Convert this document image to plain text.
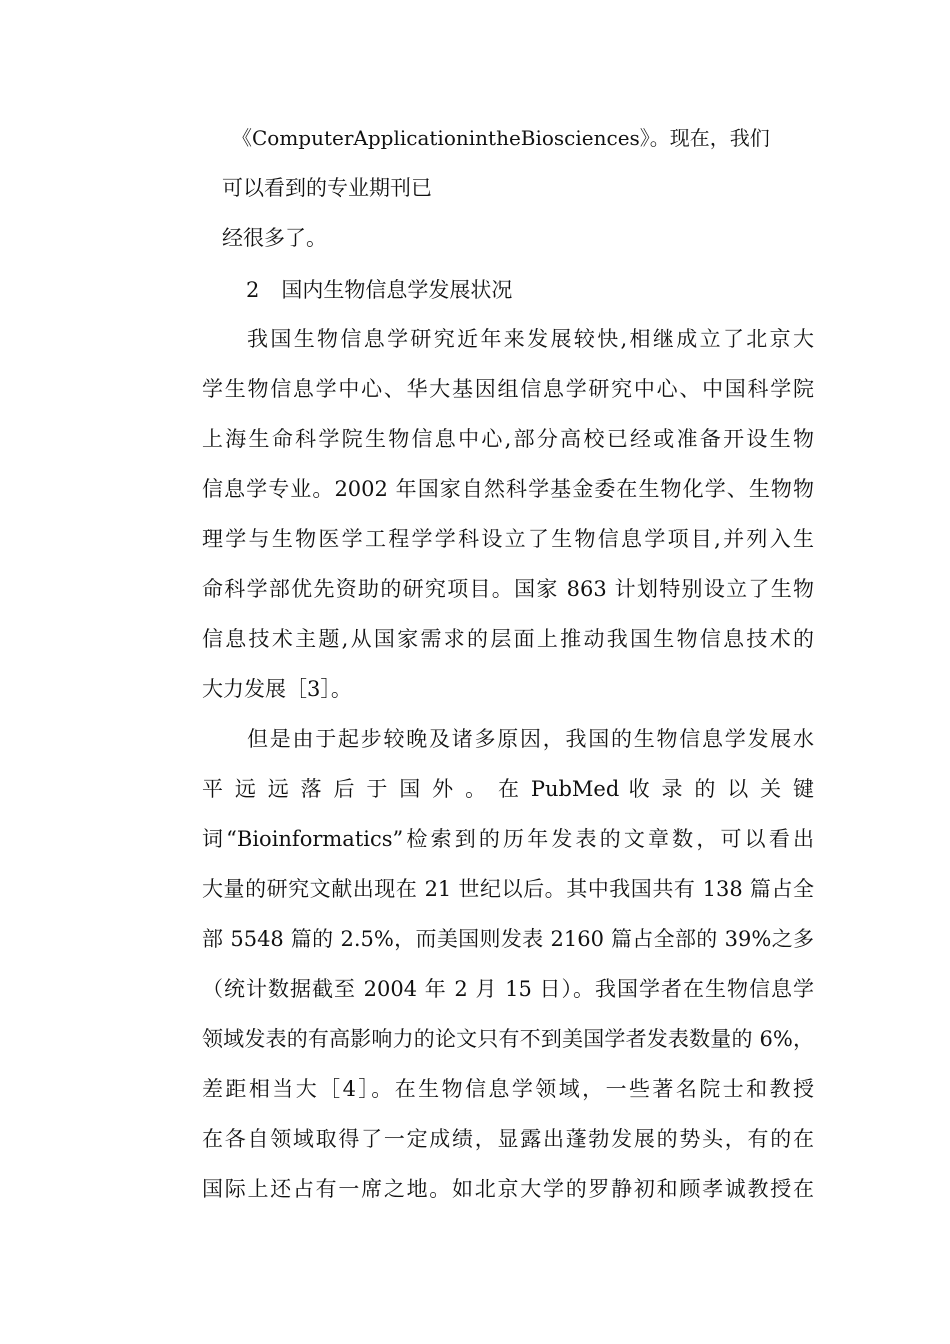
《ComputerApplicationintheBiosciences》。现在，我们
可以看到的专业期刊已
经很多了。
2 国内生物信息学发展状况
我国生物信息学研究近年来发展较快,相继成立了北京大
学生物信息学中心、华大基因组信息学研究中心、中国科学院
上海生命科学院生物信息中心,部分高校已经或准备开设生物
信息学专业。2002 年国家自然科学基金委在生物化学、生物物
理学与生物医学工程学学科设立了生物信息学项目,并列入生
命科学部优先资助的研究项目。国家 863 计划特别设立了生物
信息技术主题,从国家需求的层面上推动我国生物信息技术的
大力发展［3］。
但是由于起步较晚及诸多原因，我国的生物信息学发展水
平 远 远 落 后 于 国 外 。 在 PubMed 收 录 的 以 关 键
词“Bioinformatics”检索到的历年发表的文章数，可以看出
大量的研究文献出现在 21 世纪以后。其中我国共有 138 篇占全
部 5548 篇的 2.5%，而美国则发表 2160 篇占全部的 39%之多
（统计数据截至 2004 年 2 月 15 日）。我国学者在生物信息学
领域发表的有高影响力的论文只有不到美国学者发表数量的 6%，
差距相当大［4］。在生物信息学领域，一些著名院士和教授
在各自领域取得了一定成绩，显露出蓬勃发展的势头，有的在
国际上还占有一席之地。如北京大学的罗静初和顾孝诚教授在
